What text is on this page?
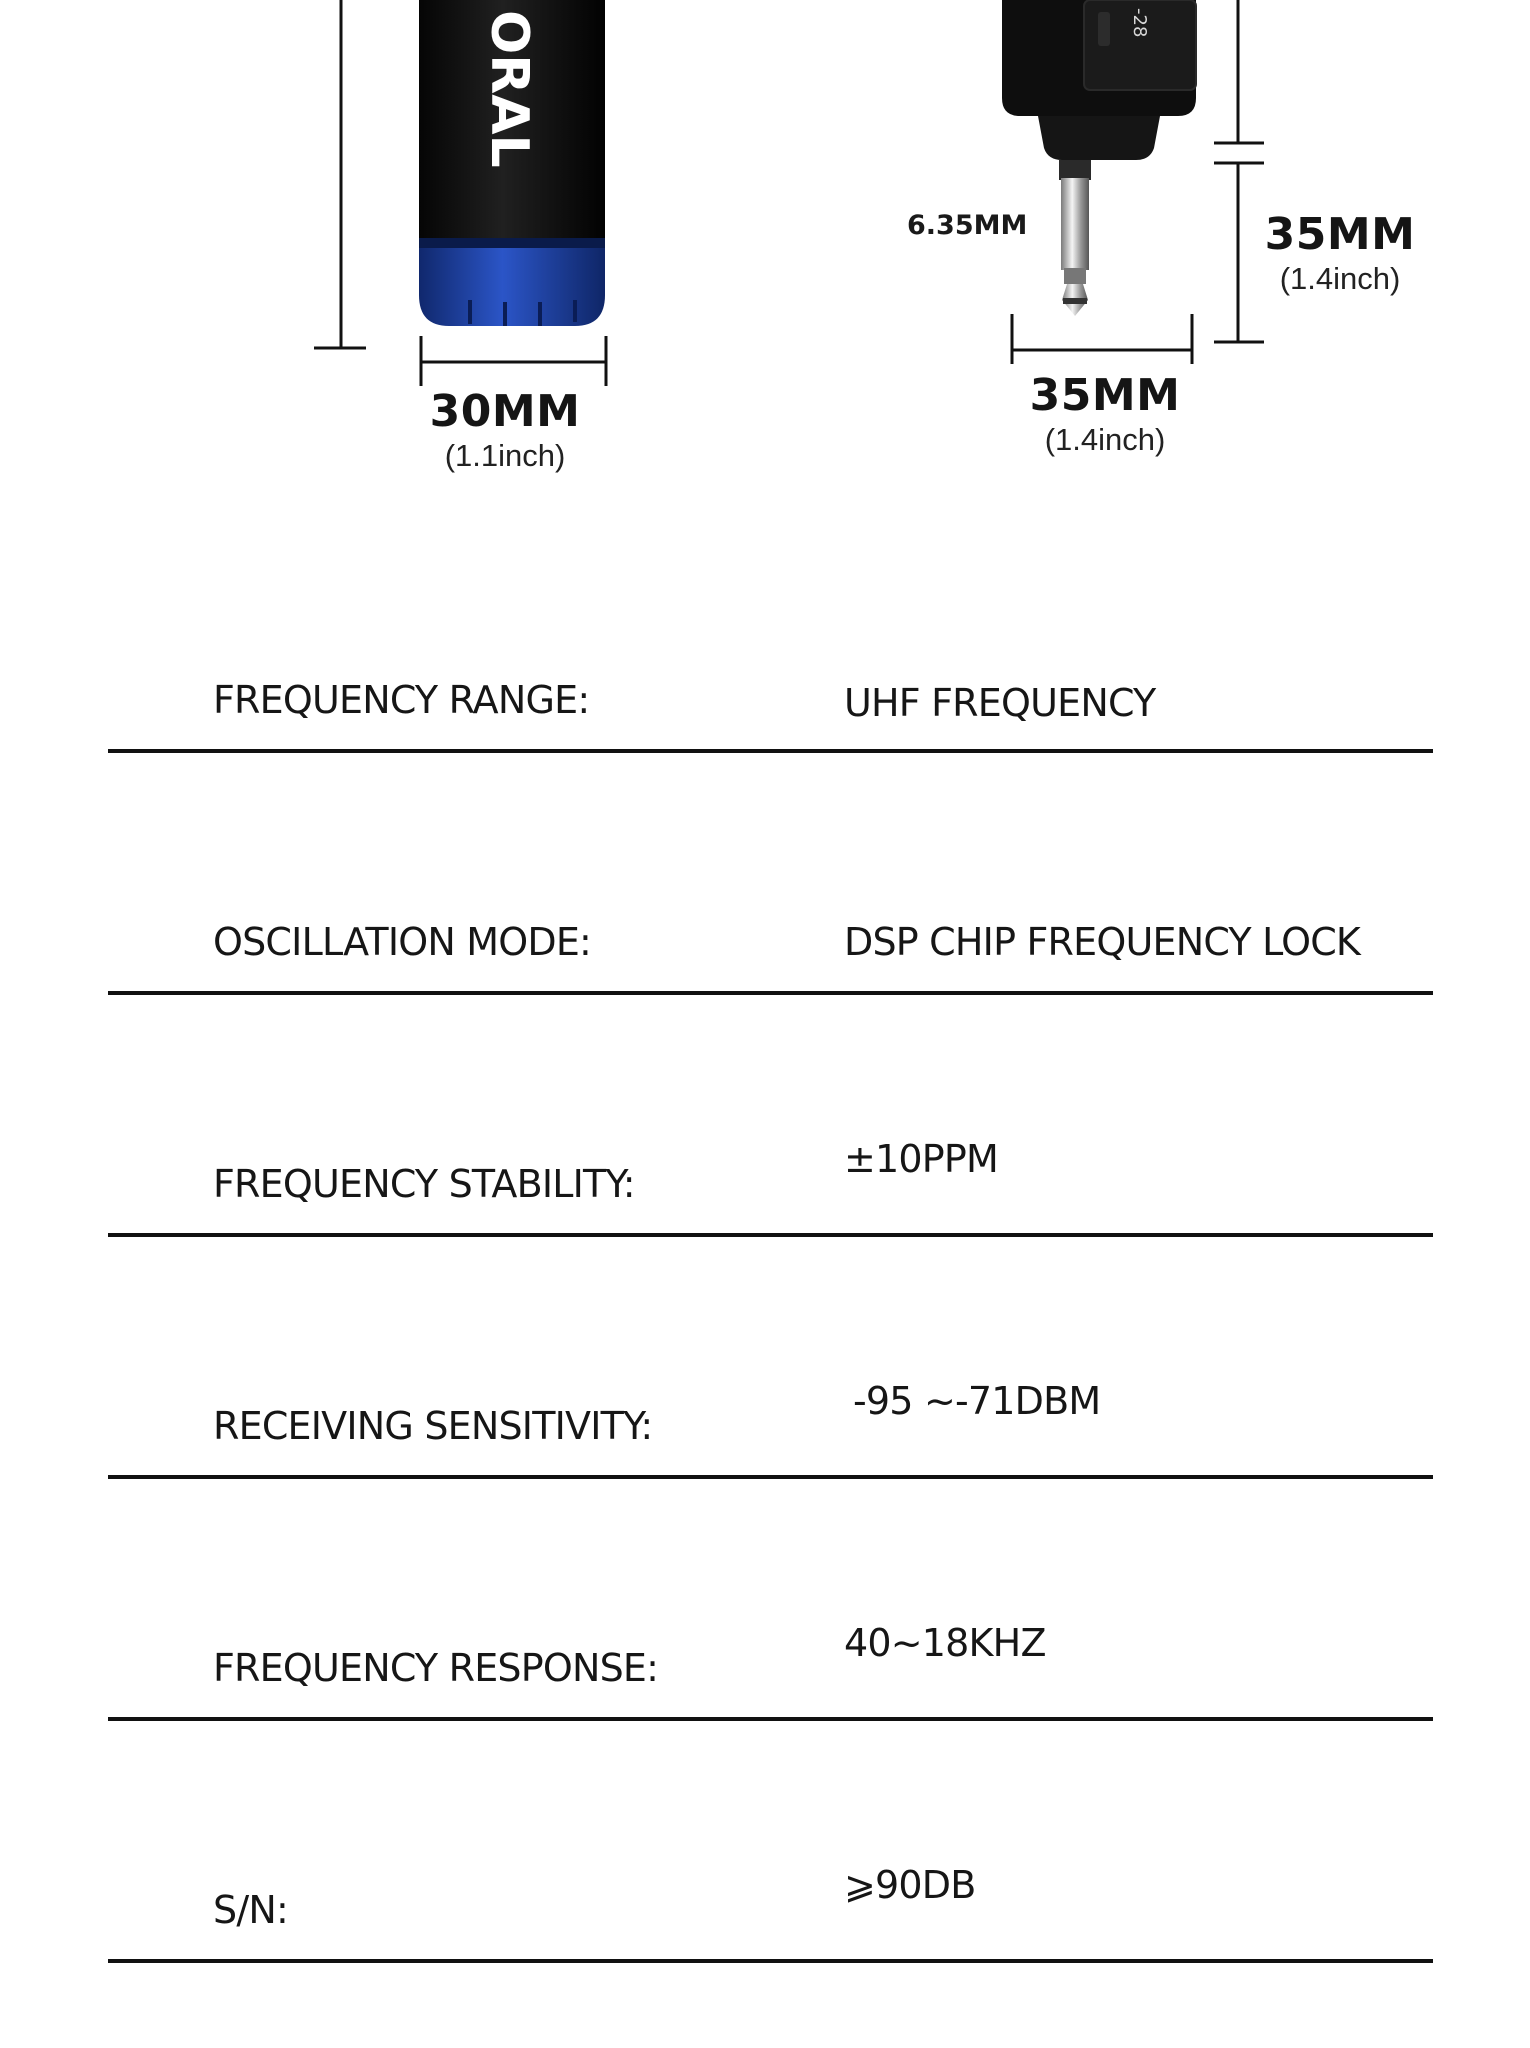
ORAL	-28
6.35MM	35MM
(1.4inch)
30MM
(1.1inch)
35MM
(1.4inch)
FREQUENCY RANGE:	UHF FREQUENCY
OSCILLATION MODE:	DSP CHIP FREQUENCY LOCK
FREQUENCY STABILITY:
±10PPM
RECEIVING SENSITIVITY:
-95 ~-71DBM
FREQUENCY RESPONSE:
40~18KHZ
S/N:
⩾90DB
